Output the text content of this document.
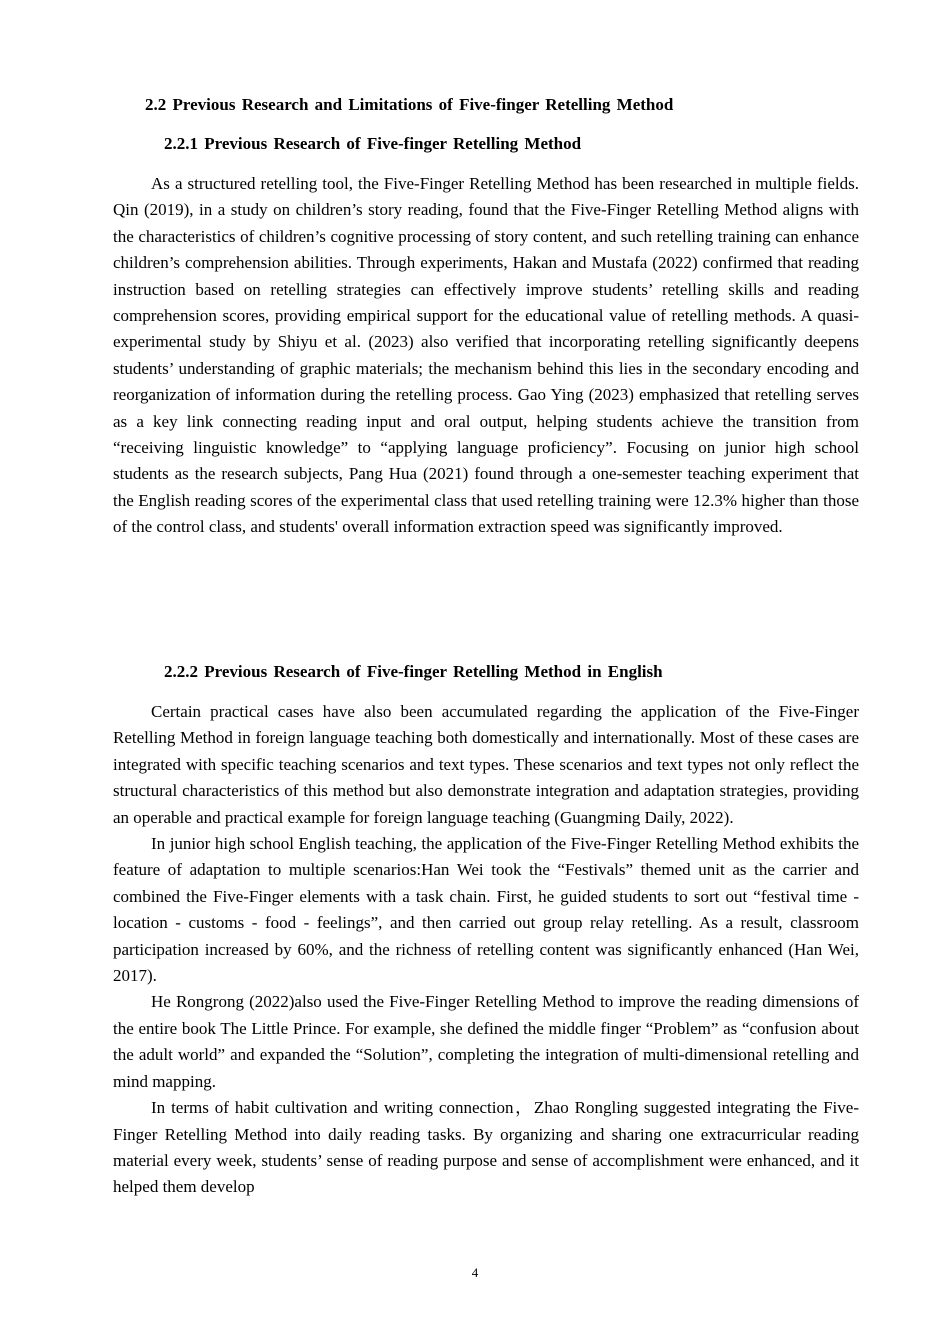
2.2 Previous Research and Limitations of Five-finger Retelling Method
2.2.1 Previous Research of Five-finger Retelling Method

As a structured retelling tool, the Five-Finger Retelling Method has been researched in multiple fields. Qin (2019), in a study on children’s story reading, found that the Five-Finger Retelling Method aligns with the characteristics of children’s cognitive processing of story content, and such retelling training can enhance children’s comprehension abilities. Through experiments, Hakan and Mustafa (2022) confirmed that reading instruction based on retelling strategies can effectively improve students’ retelling skills and reading comprehension scores, providing empirical support for the educational value of retelling methods. A quasi-experimental study by Shiyu et al. (2023) also verified that incorporating retelling significantly deepens students’ understanding of graphic materials; the mechanism behind this lies in the secondary encoding and reorganization of information during the retelling process. Gao Ying (2023) emphasized that retelling serves as a key link connecting reading input and oral output, helping students achieve the transition from “receiving linguistic knowledge” to “applying language proficiency”. Focusing on junior high school students as the research subjects, Pang Hua (2021) found through a one-semester teaching experiment that the English reading scores of the experimental class that used retelling training were 12.3% higher than those of the control class, and students' overall information extraction speed was significantly improved.

2.2.2 Previous Research of Five-finger Retelling Method in English

Certain practical cases have also been accumulated regarding the application of the Five-Finger Retelling Method in foreign language teaching both domestically and internationally. Most of these cases are integrated with specific teaching scenarios and text types. These scenarios and text types not only reflect the structural characteristics of this method but also demonstrate integration and adaptation strategies, providing an operable and practical example for foreign language teaching (Guangming Daily, 2022).

In junior high school English teaching, the application of the Five-Finger Retelling Method exhibits the feature of adaptation to multiple scenarios:Han Wei took the “Festivals” themed unit as the carrier and combined the Five-Finger elements with a task chain. First, he guided students to sort out “festival time - location - customs - food - feelings”, and then carried out group relay retelling. As a result, classroom participation increased by 60%, and the richness of retelling content was significantly enhanced (Han Wei, 2017).

He Rongrong (2022)also used the Five-Finger Retelling Method to improve the reading dimensions of the entire book The Little Prince. For example, she defined the middle finger “Problem” as “confusion about the adult world” and expanded the “Solution”, completing the integration of multi-dimensional retelling and mind mapping.

In terms of habit cultivation and writing connection，Zhao Rongling suggested integrating the Five-Finger Retelling Method into daily reading tasks. By organizing and sharing one extracurricular reading material every week, students’ sense of reading purpose and sense of accomplishment were enhanced, and it helped them develop

4
